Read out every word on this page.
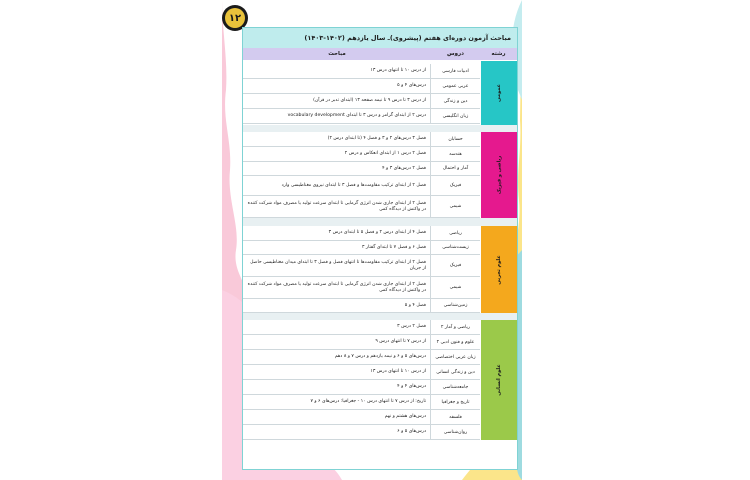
۱۲
مباحث آزمون دوره‌ای هفتم (پیشروی)ـ سال یازدهم (۱۴۰۲-۱۴۰۳)
مباحث	دروس	رشته
از درس ۱۰ تا انتهای درس ۱۳	ادبیات فارسی
درس‌های ۴ و ۵	عربی عمومی
از درس ۳ تا درس ۹ تا نیمه صفحه ۱۳ (ابتدای تدبر در قرآن)	دین و زندگی
درس ۲ از ابتدای گرامر و درس ۳ تا ابتدای vocabulary development	زبان انگلیسی
عمومی
فصل ۳ درس‌های ۲ و ۳ و فصل ۴ (تا ابتدای درس ۲)	حسابان
فصل ۲ درس ۱ از ابتدای انعکاس و درس ۲	هندسه
فصل ۲ درس‌های ۳ و ۴	آمار و احتمال
فصل ۲ از ابتدای ترکیب مقاومت‌ها و فصل ۳ تا ابتدای نیروی مغناطیسی وارد	فیزیک
فصل ۲ از ابتدای جاری شدن انرژی گرمایی تا ابتدای سرعت تولید یا مصرف مواد شرکت کننده در واکنش از دیدگاه کمی	شیمی
ریاضی و فیزیک
فصل ۴ از ابتدای درس ۲ و فصل ۵ تا ابتدای درس ۳	ریاضی
فصل ۶ و فصل ۷ تا ابتدای گفتار ۳	زیست‌شناسی
فصل ۲ از ابتدای ترکیب مقاومت‌ها تا انتهای فصل و فصل ۳ تا ابتدای میدان مغناطیسی حاصل از جریان	فیزیک
فصل ۲ از ابتدای جاری شدن انرژی گرمایی تا ابتدای سرعت تولید یا مصرف مواد شرکت کننده در واکنش از دیدگاه کمی	شیمی
فصل ۴ و ۵	زمین‌شناسی
علوم تجربی
فصل ۲ درس ۳	ریاضی و آمار ۲
از درس ۷ تا انتهای درس ۹	علوم و فنون ادبی ۲
درس‌های ۵ و ۶ و نیمه یازدهم و درس ۷ و ۸ دهم	زبان عربی اختصاصی
از درس ۱۰ تا انتهای درس ۱۳	دین و زندگی انسانی
درس‌های ۴ و ۴	جامعه‌شناسی
تاریخ: از درس ۷ تا انتهای درس ۱۰ - جغرافیا: درس‌های ۶ و ۷	تاریخ و جغرافیا
درس‌های هشتم و نهم	فلسفه
درس‌های ۵ و ۶	روان‌شناسی
علوم انسانی
